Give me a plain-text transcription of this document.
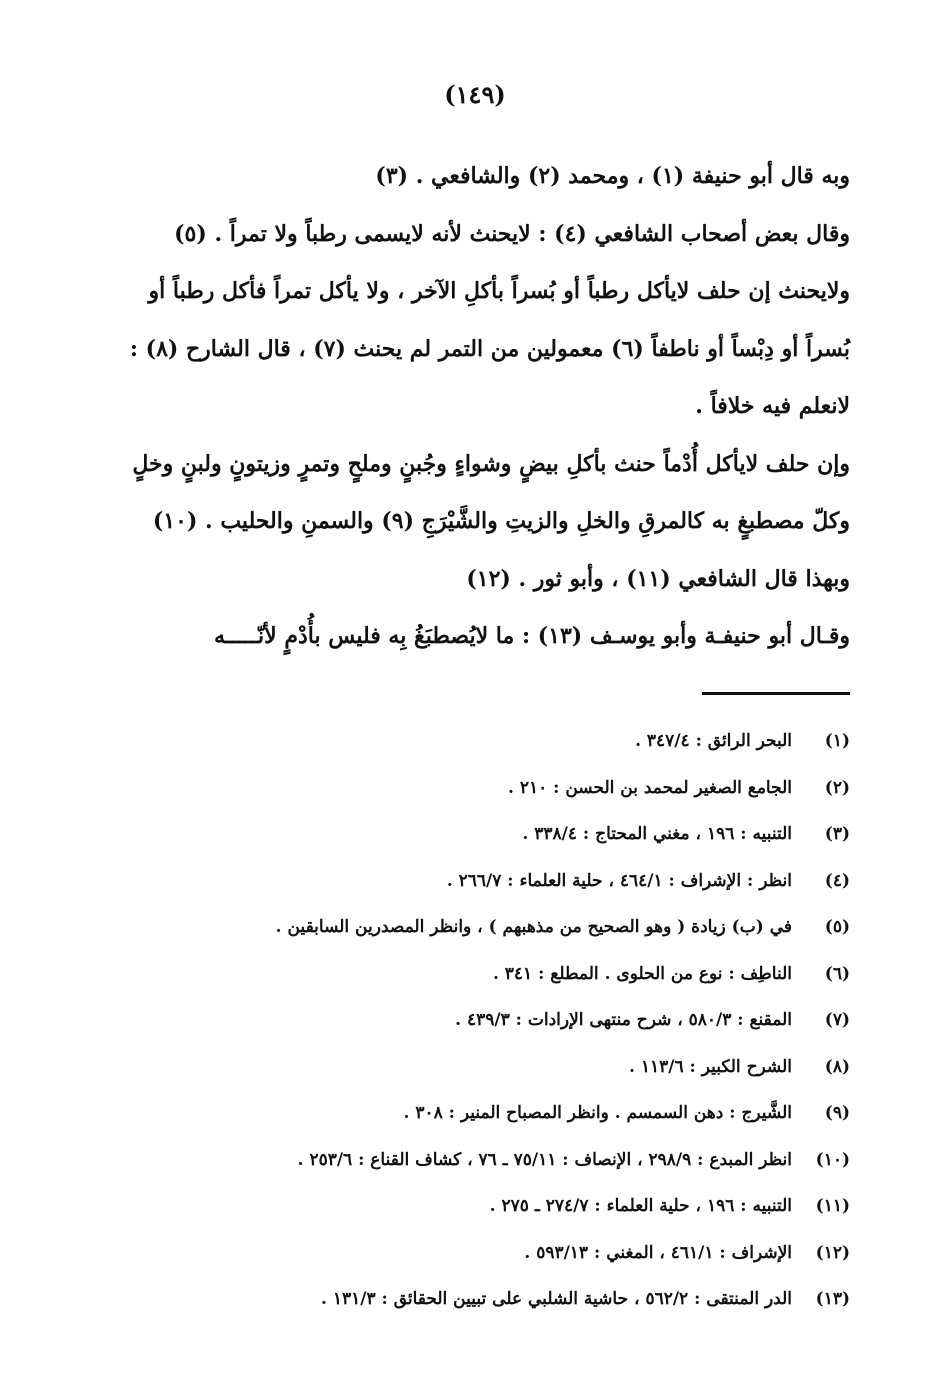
(١٤٩)
وبه قال أبو حنيفة (١) ، ومحمد (٢) والشافعي . (٣)
وقال بعض أصحاب الشافعي (٤) : لايحنث لأنه لايسمى رطباً ولا تمراً . (٥)
ولايحنث إن حلف لايأكل رطباً أو بُسراً بأكلِ الآخر ، ولا يأكل تمراً فأكل رطباً أو
بُسراً أو دِبْساً أو ناطفاً (٦) معمولين من التمر لم يحنث (٧) ، قال الشارح (٨) :
لانعلم فيه خلافاً .
وإن حلف لايأكل أُدْماً حنث بأكلِ بيضٍ وشواءٍ وجُبنٍ وملحٍ وتمرٍ وزيتونٍ ولبنٍ وخلٍ
وكلّ مصطبغٍ به كالمرقِ والخلِ والزيتِ والشَّيْرَجِ (٩) والسمنِ والحليب . (١٠)
وبهذا قال الشافعي (١١) ، وأبو ثور . (١٢)
وقـال أبو حنيفـة وأبو يوسـف (١٣) : ما لايُصطبَغُ بِه فليس بأُدْمٍ لأنّـــــه
(١)البحر الرائق : ٣٤٧/٤ .
(٢)الجامع الصغير لمحمد بن الحسن : ٢١٠ .
(٣)التنبيه : ١٩٦ ، مغني المحتاج : ٣٣٨/٤ .
(٤)انظر : الإشراف : ٤٦٤/١ ، حلية العلماء : ٢٦٦/٧ .
(٥)في (ب) زيادة ( وهو الصحيح من مذهبهم ) ، وانظر المصدرين السابقين .
(٦)الناطِف : نوع من الحلوى . المطلع : ٣٤١ .
(٧)المقنع : ٥٨٠/٣ ، شرح منتهى الإرادات : ٤٣٩/٣ .
(٨)الشرح الكبير : ١١٣/٦ .
(٩)الشَّيرج : دهن السمسم . وانظر المصباح المنير : ٣٠٨ .
(١٠)انظر المبدع : ٢٩٨/٩ ، الإنصاف : ٧٥/١١ ـ ٧٦ ، كشاف القناع : ٢٥٣/٦ .
(١١)التنبيه : ١٩٦ ، حلية العلماء : ٢٧٤/٧ ـ ٢٧٥ .
(١٢)الإشراف : ٤٦١/١ ، المغني : ٥٩٣/١٣ .
(١٣)الدر المنتقى : ٥٦٢/٢ ، حاشية الشلبي على تبيين الحقائق : ١٣١/٣ .
